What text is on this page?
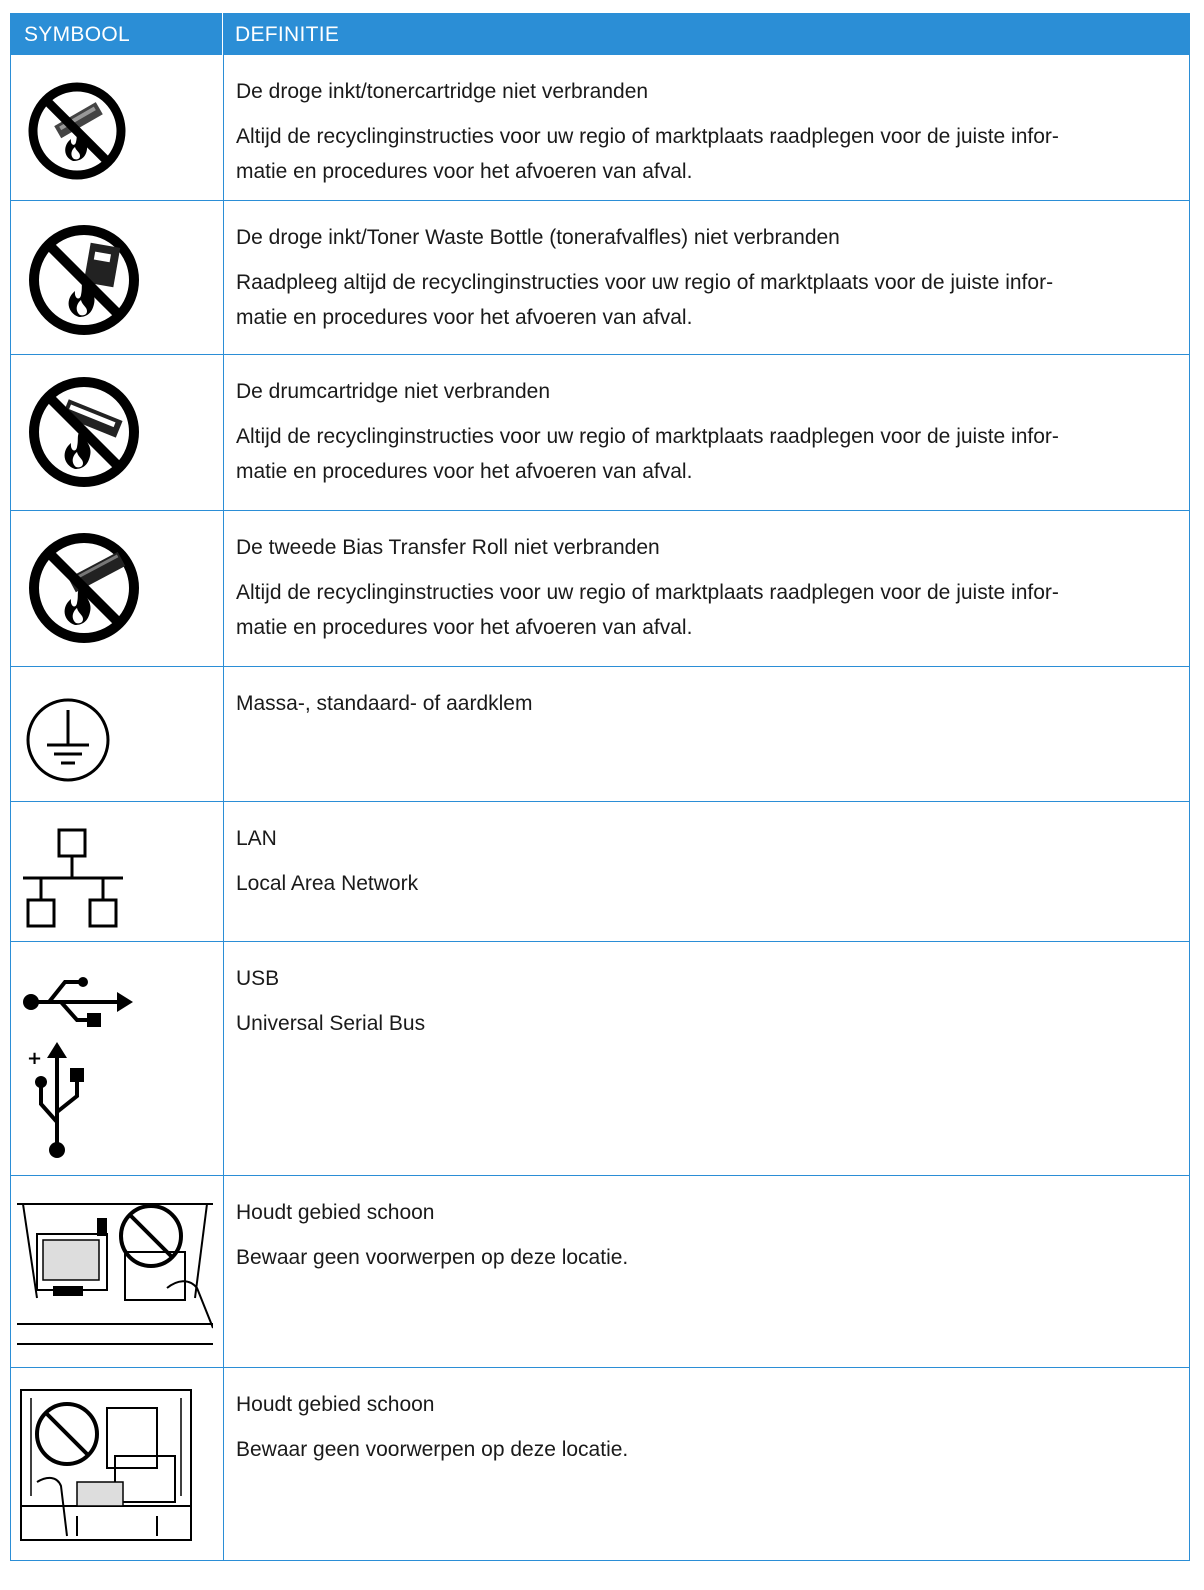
SYMBOOL	DEFINITIE
De droge inkt/tonercartridge niet verbranden
Altijd de recyclinginstructies voor uw regio of marktplaats raadplegen voor de juiste infor-
matie en procedures voor het afvoeren van afval.
De droge inkt/Toner Waste Bottle (tonerafvalfles) niet verbranden
Raadpleeg altijd de recyclinginstructies voor uw regio of marktplaats voor de juiste infor-
matie en procedures voor het afvoeren van afval.
De drumcartridge niet verbranden
Altijd de recyclinginstructies voor uw regio of marktplaats raadplegen voor de juiste infor-
matie en procedures voor het afvoeren van afval.
De tweede Bias Transfer Roll niet verbranden
Altijd de recyclinginstructies voor uw regio of marktplaats raadplegen voor de juiste infor-
matie en procedures voor het afvoeren van afval.
Massa-, standaard- of aardklem
LAN
Local Area Network
+
USB
Universal Serial Bus
Houdt gebied schoon
Bewaar geen voorwerpen op deze locatie.
Houdt gebied schoon
Bewaar geen voorwerpen op deze locatie.
